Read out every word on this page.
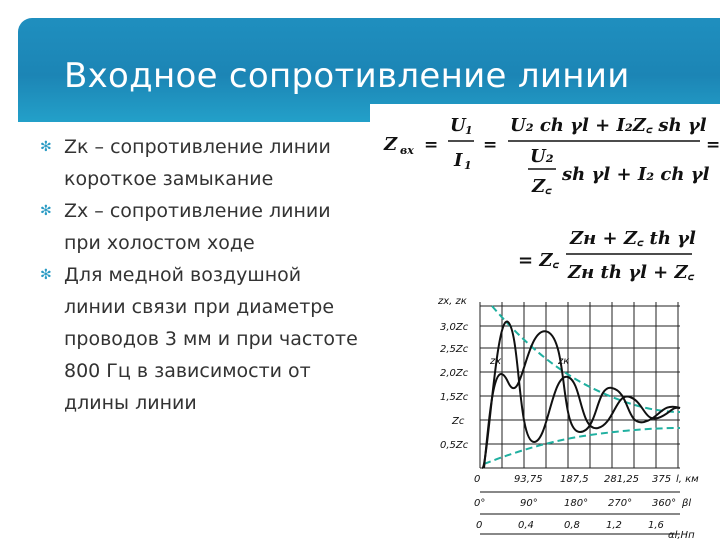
Входное сопротивление линии
✻ Zк – сопротивление линии короткое замыкание
✻ Zх – сопротивление линии при холостом ходе
✻ Для медной воздушной линии связи при диаметре проводов 3 мм и при частоте 800 Гц в зависимости от длины линии
Z вх =
U 1
I 1
=
U₂ ch γl + I₂Z꜀ sh γl
U₂
Z꜀
sh γl + I₂ ch γl
=
= Z꜀
Zн + Z꜀ th γl
Zн th γl + Z꜀
zх	zк
zх, zк
3,0Zc
2,5Zc
2,0Zc
1,5Zc
Zc
0,5Zc
0	93,75 187,5 281,25 375 l, км
0°	90°	180° 270° 360° βl
0	0,4	0,8	1,2	1,6
αl,Нп
